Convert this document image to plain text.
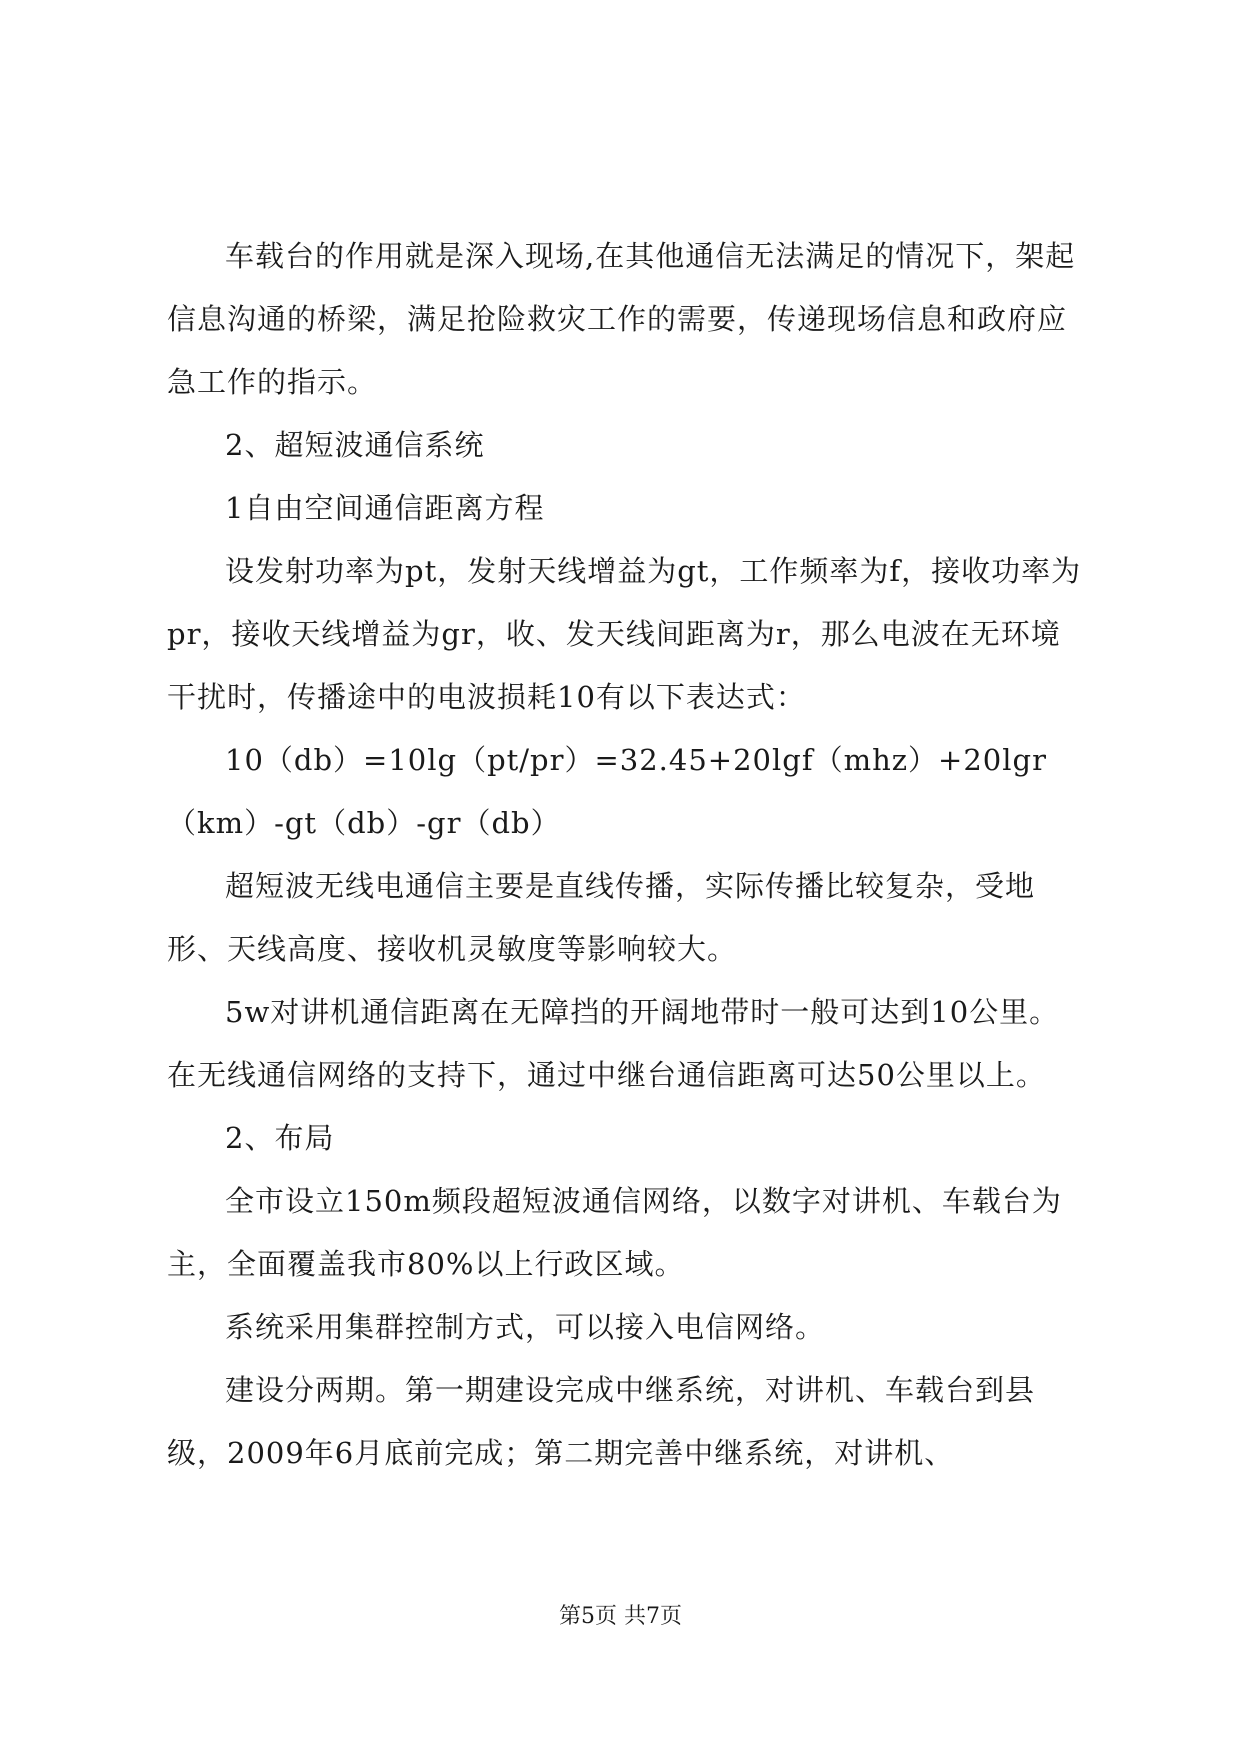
车载台的作用就是深入现场,在其他通信无法满足的情况下，架起信息沟通的桥梁，满足抢险救灾工作的需要，传递现场信息和政府应急工作的指示。

2、超短波通信系统

1自由空间通信距离方程

设发射功率为pt，发射天线增益为gt，工作频率为f，接收功率为pr，接收天线增益为gr，收、发天线间距离为r，那么电波在无环境干扰时，传播途中的电波损耗10有以下表达式：

10（db）=10lg（pt/pr）=32.45+20lgf（mhz）+20lgr（km）-gt（db）-gr（db）

超短波无线电通信主要是直线传播，实际传播比较复杂，受地形、天线高度、接收机灵敏度等影响较大。

5w对讲机通信距离在无障挡的开阔地带时一般可达到10公里。在无线通信网络的支持下，通过中继台通信距离可达50公里以上。

2、布局

全市设立150m频段超短波通信网络，以数字对讲机、车载台为主，全面覆盖我市80%以上行政区域。

系统采用集群控制方式，可以接入电信网络。

建设分两期。第一期建设完成中继系统，对讲机、车载台到县级，2009年6月底前完成；第二期完善中继系统，对讲机、

第5页 共7页
